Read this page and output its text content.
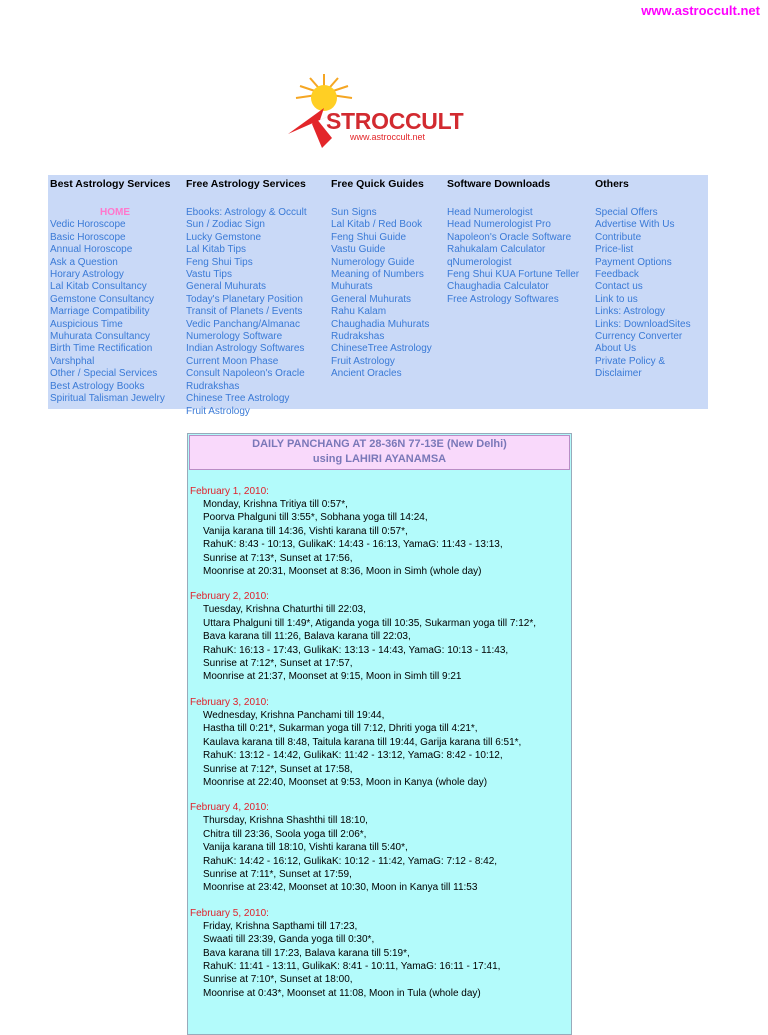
www.astroccult.net
STROCCULT
www.astroccult.net
Best Astrology Services
HOME
Vedic Horoscope
Basic Horoscope
Annual Horoscope
Ask a Question
Horary Astrology
Lal Kitab Consultancy
Gemstone Consultancy
Marriage Compatibility
Auspicious Time
Muhurata Consultancy
Birth Time Rectification
Varshphal
Other / Special Services
Best Astrology Books
Spiritual Talisman Jewelry
Free Astrology Services
Ebooks: Astrology & Occult
Sun / Zodiac Sign
Lucky Gemstone
Lal Kitab Tips
Feng Shui Tips
Vastu Tips
General Muhurats
Today's Planetary Position
Transit of Planets / Events
Vedic Panchang/Almanac
Numerology Software
Indian Astrology Softwares
Current Moon Phase
Consult Napoleon's Oracle
Rudrakshas
Chinese Tree Astrology
Fruit Astrology
Free Quick Guides
Sun Signs
Lal Kitab / Red Book
Feng Shui Guide
Vastu Guide
Numerology Guide
Meaning of Numbers
Muhurats
General Muhurats
Rahu Kalam
Chaughadia Muhurats
Rudrakshas
ChineseTree Astrology
Fruit Astrology
Ancient Oracles
Software Downloads
Head Numerologist
Head Numerologist Pro
Napoleon's Oracle Software
Rahukalam Calculator
qNumerologist
Feng Shui KUA Fortune Teller
Chaughadia Calculator
Free Astrology Softwares
Others
Special Offers
Advertise With Us
Contribute
Price-list
Payment Options
Feedback
Contact us
Link to us
Links: Astrology
Links: DownloadSites
Currency Converter
About Us
Private Policy &
Disclaimer
DAILY PANCHANG AT 28-36N 77-13E (New Delhi)
using LAHIRI AYANAMSA
February 1, 2010:
Monday, Krishna Tritiya till 0:57*,
Poorva Phalguni till 3:55*, Sobhana yoga till 14:24,
Vanija karana till 14:36, Vishti karana till 0:57*,
RahuK: 8:43 - 10:13, GulikaK: 14:43 - 16:13, YamaG: 11:43 - 13:13,
Sunrise at 7:13*, Sunset at 17:56,
Moonrise at 20:31, Moonset at 8:36, Moon in Simh (whole day)
February 2, 2010:
Tuesday, Krishna Chaturthi till 22:03,
Uttara Phalguni till 1:49*, Atiganda yoga till 10:35, Sukarman yoga till 7:12*,
Bava karana till 11:26, Balava karana till 22:03,
RahuK: 16:13 - 17:43, GulikaK: 13:13 - 14:43, YamaG: 10:13 - 11:43,
Sunrise at 7:12*, Sunset at 17:57,
Moonrise at 21:37, Moonset at 9:15, Moon in Simh till 9:21
February 3, 2010:
Wednesday, Krishna Panchami till 19:44,
Hastha till 0:21*, Sukarman yoga till 7:12, Dhriti yoga till 4:21*,
Kaulava karana till 8:48, Taitula karana till 19:44, Garija karana till 6:51*,
RahuK: 13:12 - 14:42, GulikaK: 11:42 - 13:12, YamaG: 8:42 - 10:12,
Sunrise at 7:12*, Sunset at 17:58,
Moonrise at 22:40, Moonset at 9:53, Moon in Kanya (whole day)
February 4, 2010:
Thursday, Krishna Shashthi till 18:10,
Chitra till 23:36, Soola yoga till 2:06*,
Vanija karana till 18:10, Vishti karana till 5:40*,
RahuK: 14:42 - 16:12, GulikaK: 10:12 - 11:42, YamaG: 7:12 - 8:42,
Sunrise at 7:11*, Sunset at 17:59,
Moonrise at 23:42, Moonset at 10:30, Moon in Kanya till 11:53
February 5, 2010:
Friday, Krishna Sapthami till 17:23,
Swaati till 23:39, Ganda yoga till 0:30*,
Bava karana till 17:23, Balava karana till 5:19*,
RahuK: 11:41 - 13:11, GulikaK: 8:41 - 10:11, YamaG: 16:11 - 17:41,
Sunrise at 7:10*, Sunset at 18:00,
Moonrise at 0:43*, Moonset at 11:08, Moon in Tula (whole day)
